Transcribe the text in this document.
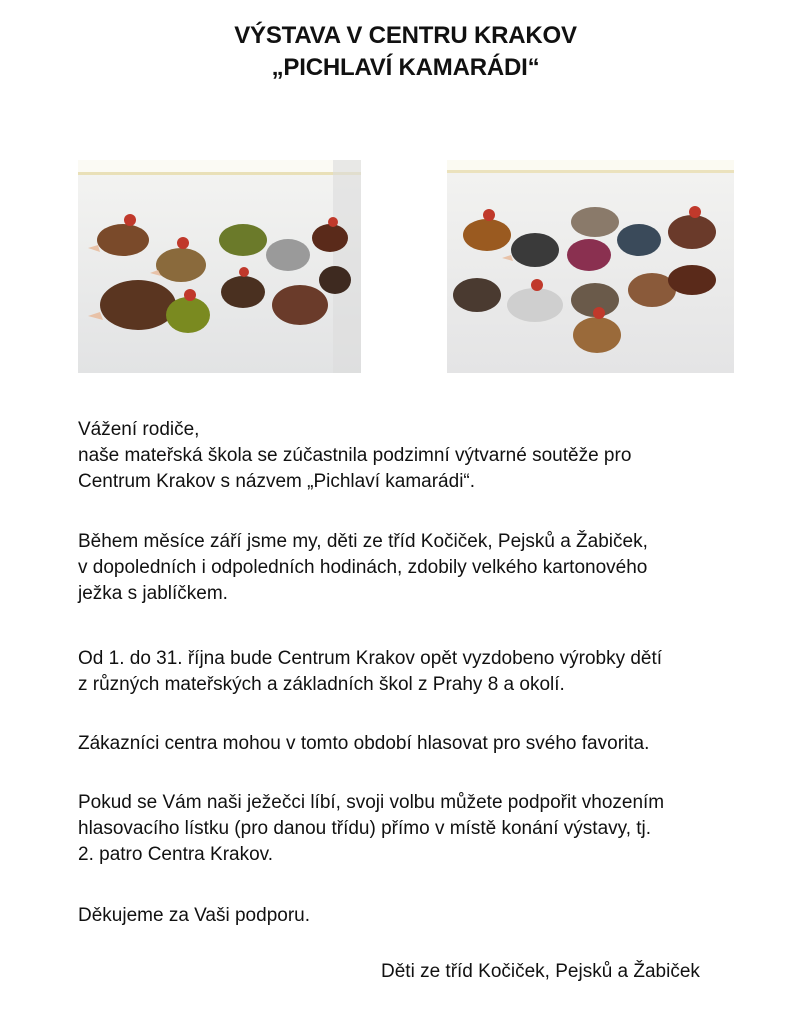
VÝSTAVA V CENTRU KRAKOV
„PICHLAVÍ KAMARÁDI“
Vážení rodiče,
naše mateřská škola se zúčastnila podzimní výtvarné soutěže pro
Centrum Krakov s názvem „Pichlaví kamarádi“.
Během měsíce září jsme my, děti ze tříd Kočiček, Pejsků a Žabiček,
v dopoledních i odpoledních hodinách, zdobily velkého kartonového
ježka s jablíčkem.
Od 1. do 31. října bude Centrum Krakov opět vyzdobeno výrobky dětí
z různých mateřských a základních škol z Prahy 8 a okolí.
Zákazníci centra mohou v tomto období hlasovat pro svého favorita.
Pokud se Vám naši ježečci líbí, svoji volbu můžete podpořit vhozením
hlasovacího lístku (pro danou třídu) přímo v místě konání výstavy, tj.
2. patro Centra Krakov.
Děkujeme za Vaši podporu.
Děti ze tříd Kočiček, Pejsků a Žabiček
